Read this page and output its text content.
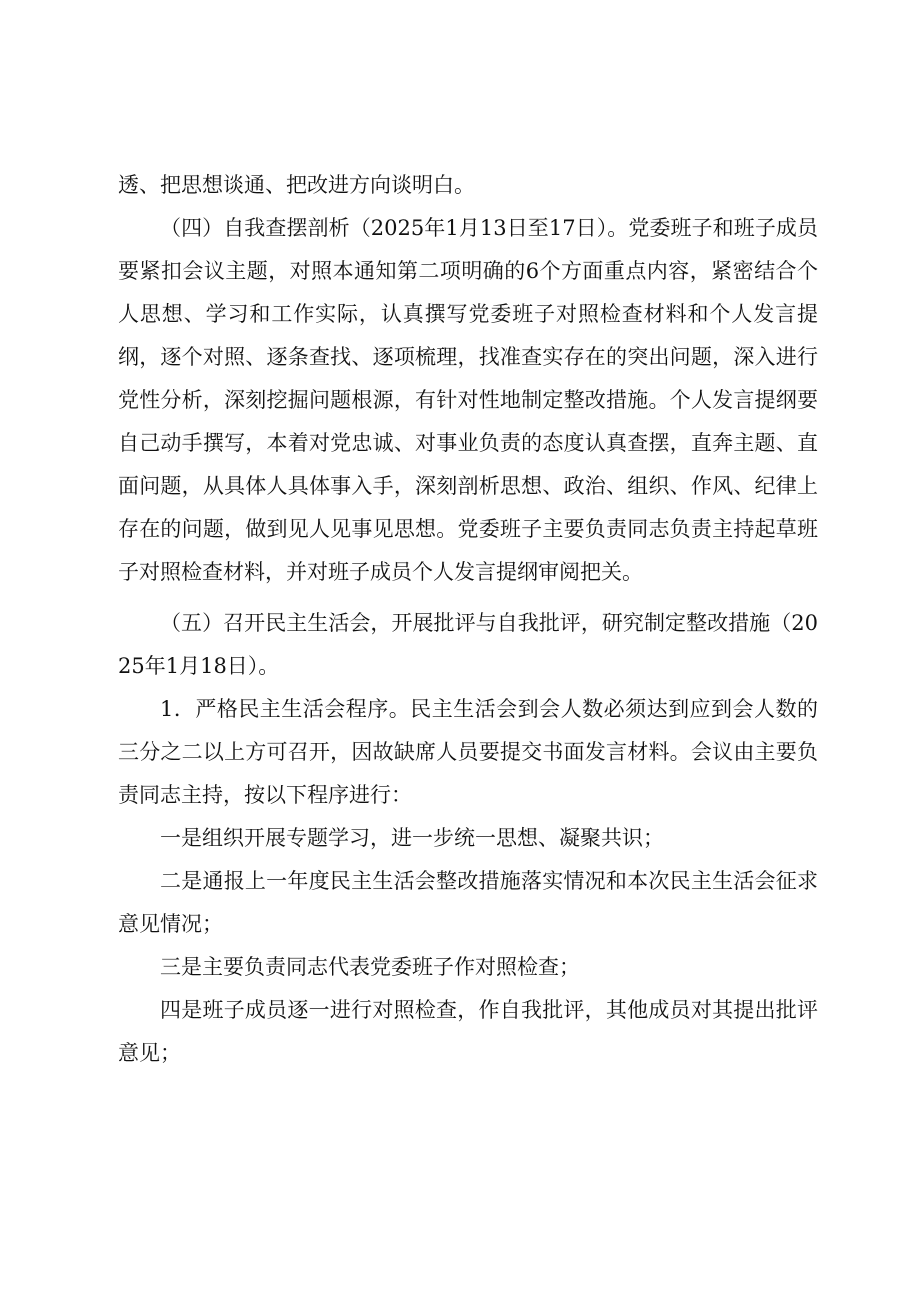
透、把思想谈通、把改进方向谈明白。

（四）自我查摆剖析（2025年1月13日至17日）。党委班子和班子成员要紧扣会议主题，对照本通知第二项明确的6个方面重点内容，紧密结合个人思想、学习和工作实际，认真撰写党委班子对照检查材料和个人发言提纲，逐个对照、逐条查找、逐项梳理，找准查实存在的突出问题，深入进行党性分析，深刻挖掘问题根源，有针对性地制定整改措施。个人发言提纲要自己动手撰写，本着对党忠诚、对事业负责的态度认真查摆，直奔主题、直面问题，从具体人具体事入手，深刻剖析思想、政治、组织、作风、纪律上存在的问题，做到见人见事见思想。党委班子主要负责同志负责主持起草班子对照检查材料，并对班子成员个人发言提纲审阅把关。

（五）召开民主生活会，开展批评与自我批评，研究制定整改措施（2025年1月18日）。

1．严格民主生活会程序。民主生活会到会人数必须达到应到会人数的三分之二以上方可召开，因故缺席人员要提交书面发言材料。会议由主要负责同志主持，按以下程序进行：

一是组织开展专题学习，进一步统一思想、凝聚共识；

二是通报上一年度民主生活会整改措施落实情况和本次民主生活会征求意见情况；

三是主要负责同志代表党委班子作对照检查；

四是班子成员逐一进行对照检查，作自我批评，其他成员对其提出批评意见；
